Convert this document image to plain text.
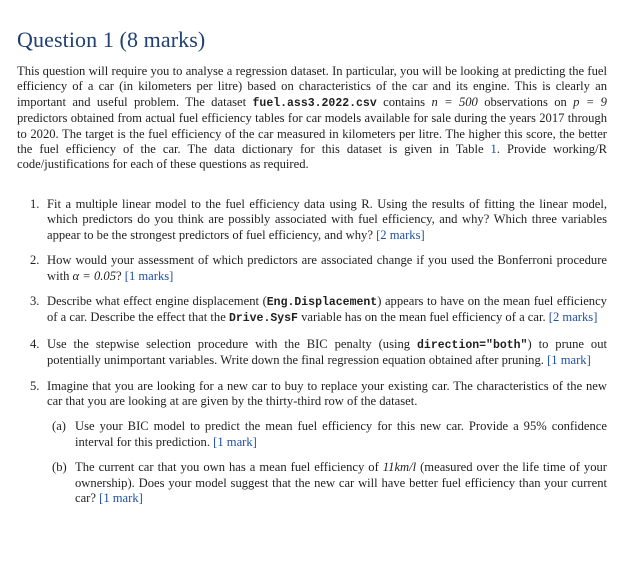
Question 1 (8 marks)
This question will require you to analyse a regression dataset. In particular, you will be looking at predicting the fuel efficiency of a car (in kilometers per litre) based on characteristics of the car and its engine. This is clearly an important and useful problem. The dataset fuel.ass3.2022.csv contains n = 500 observations on p = 9 predictors obtained from actual fuel efficiency tables for car models available for sale during the years 2017 through to 2020. The target is the fuel efficiency of the car measured in kilometers per litre. The higher this score, the better the fuel efficiency of the car. The data dictionary for this dataset is given in Table 1. Provide working/R code/justifications for each of these questions as required.
1. Fit a multiple linear model to the fuel efficiency data using R. Using the results of fitting the linear model, which predictors do you think are possibly associated with fuel efficiency, and why? Which three variables appear to be the strongest predictors of fuel efficiency, and why? [2 marks]
2. How would your assessment of which predictors are associated change if you used the Bonferroni procedure with α = 0.05? [1 marks]
3. Describe what effect engine displacement (Eng.Displacement) appears to have on the mean fuel efficiency of a car. Describe the effect that the Drive.SysF variable has on the mean fuel efficiency of a car. [2 marks]
4. Use the stepwise selection procedure with the BIC penalty (using direction="both") to prune out potentially unimportant variables. Write down the final regression equation obtained after pruning. [1 mark]
5. Imagine that you are looking for a new car to buy to replace your existing car. The characteristics of the new car that you are looking at are given by the thirty-third row of the dataset.
(a) Use your BIC model to predict the mean fuel efficiency for this new car. Provide a 95% confidence interval for this prediction. [1 mark]
(b) The current car that you own has a mean fuel efficiency of 11km/l (measured over the life time of your ownership). Does your model suggest that the new car will have better fuel efficiency than your current car? [1 mark]
